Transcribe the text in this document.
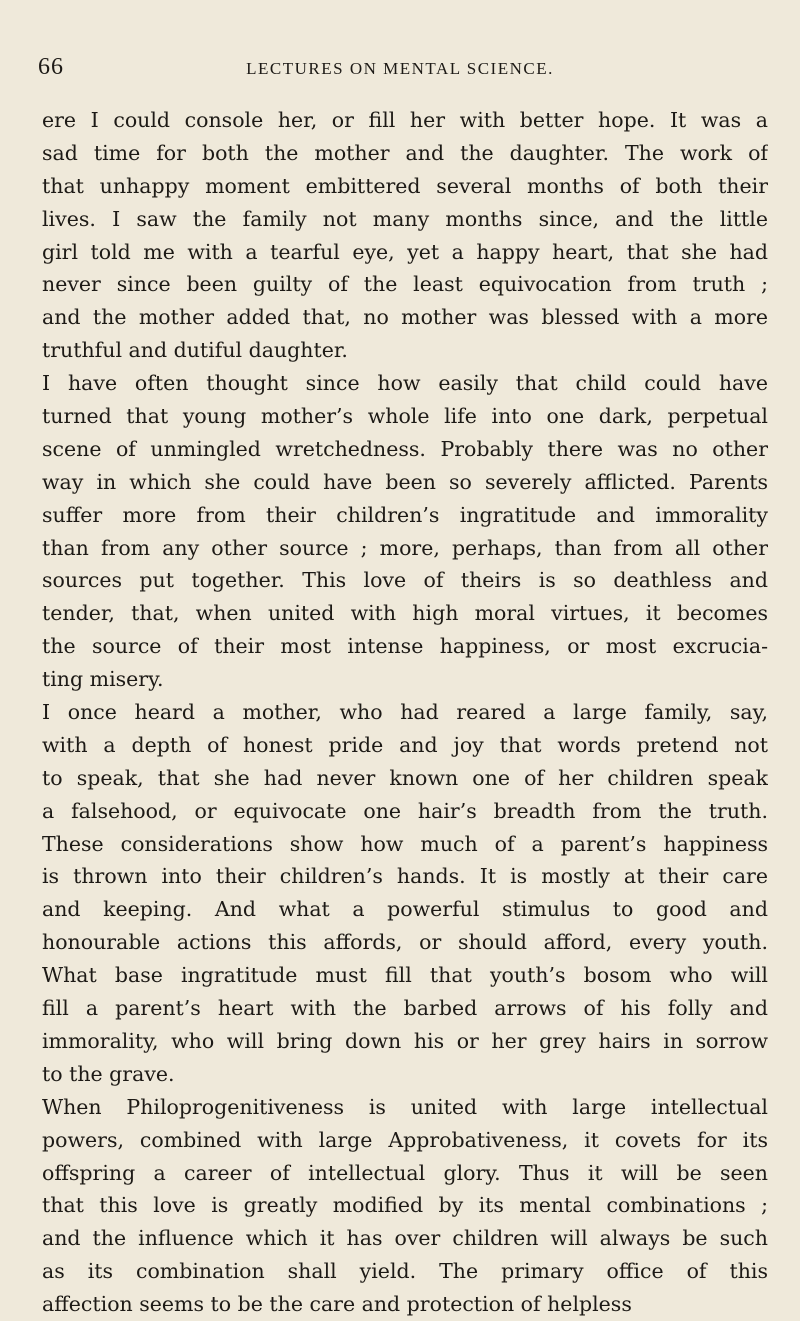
66	LECTURES ON MENTAL SCIENCE.
ere I could console her, or fill her with better hope. It was a
sad time for both the mother and the daughter. The work of
that unhappy moment embittered several months of both their
lives. I saw the family not many months since, and the little
girl told me with a tearful eye, yet a happy heart, that she had
never since been guilty of the least equivocation from truth ;
and the mother added that, no mother was blessed with a more
truthful and dutiful daughter.
I have often thought since how easily that child could have
turned that young mother’s whole life into one dark, perpetual
scene of unmingled wretchedness. Probably there was no other
way in which she could have been so severely afflicted. Parents
suffer more from their children’s ingratitude and immorality
than from any other source ; more, perhaps, than from all other
sources put together. This love of theirs is so deathless and
tender, that, when united with high moral virtues, it becomes
the source of their most intense happiness, or most excrucia-
ting misery.
I once heard a mother, who had reared a large family, say,
with a depth of honest pride and joy that words pretend not
to speak, that she had never known one of her children speak
a falsehood, or equivocate one hair’s breadth from the truth.
These considerations show how much of a parent’s happiness
is thrown into their children’s hands. It is mostly at their care
and keeping. And what a powerful stimulus to good and
honourable actions this affords, or should afford, every youth.
What base ingratitude must fill that youth’s bosom who will
fill a parent’s heart with the barbed arrows of his folly and
immorality, who will bring down his or her grey hairs in sorrow
to the grave.
When Philoprogenitiveness is united with large intellectual
powers, combined with large Approbativeness, it covets for its
offspring a career of intellectual glory. Thus it will be seen
that this love is greatly modified by its mental combinations ;
and the influence which it has over children will always be such
as its combination shall yield. The primary office of this
affection seems to be the care and protection of helpless
